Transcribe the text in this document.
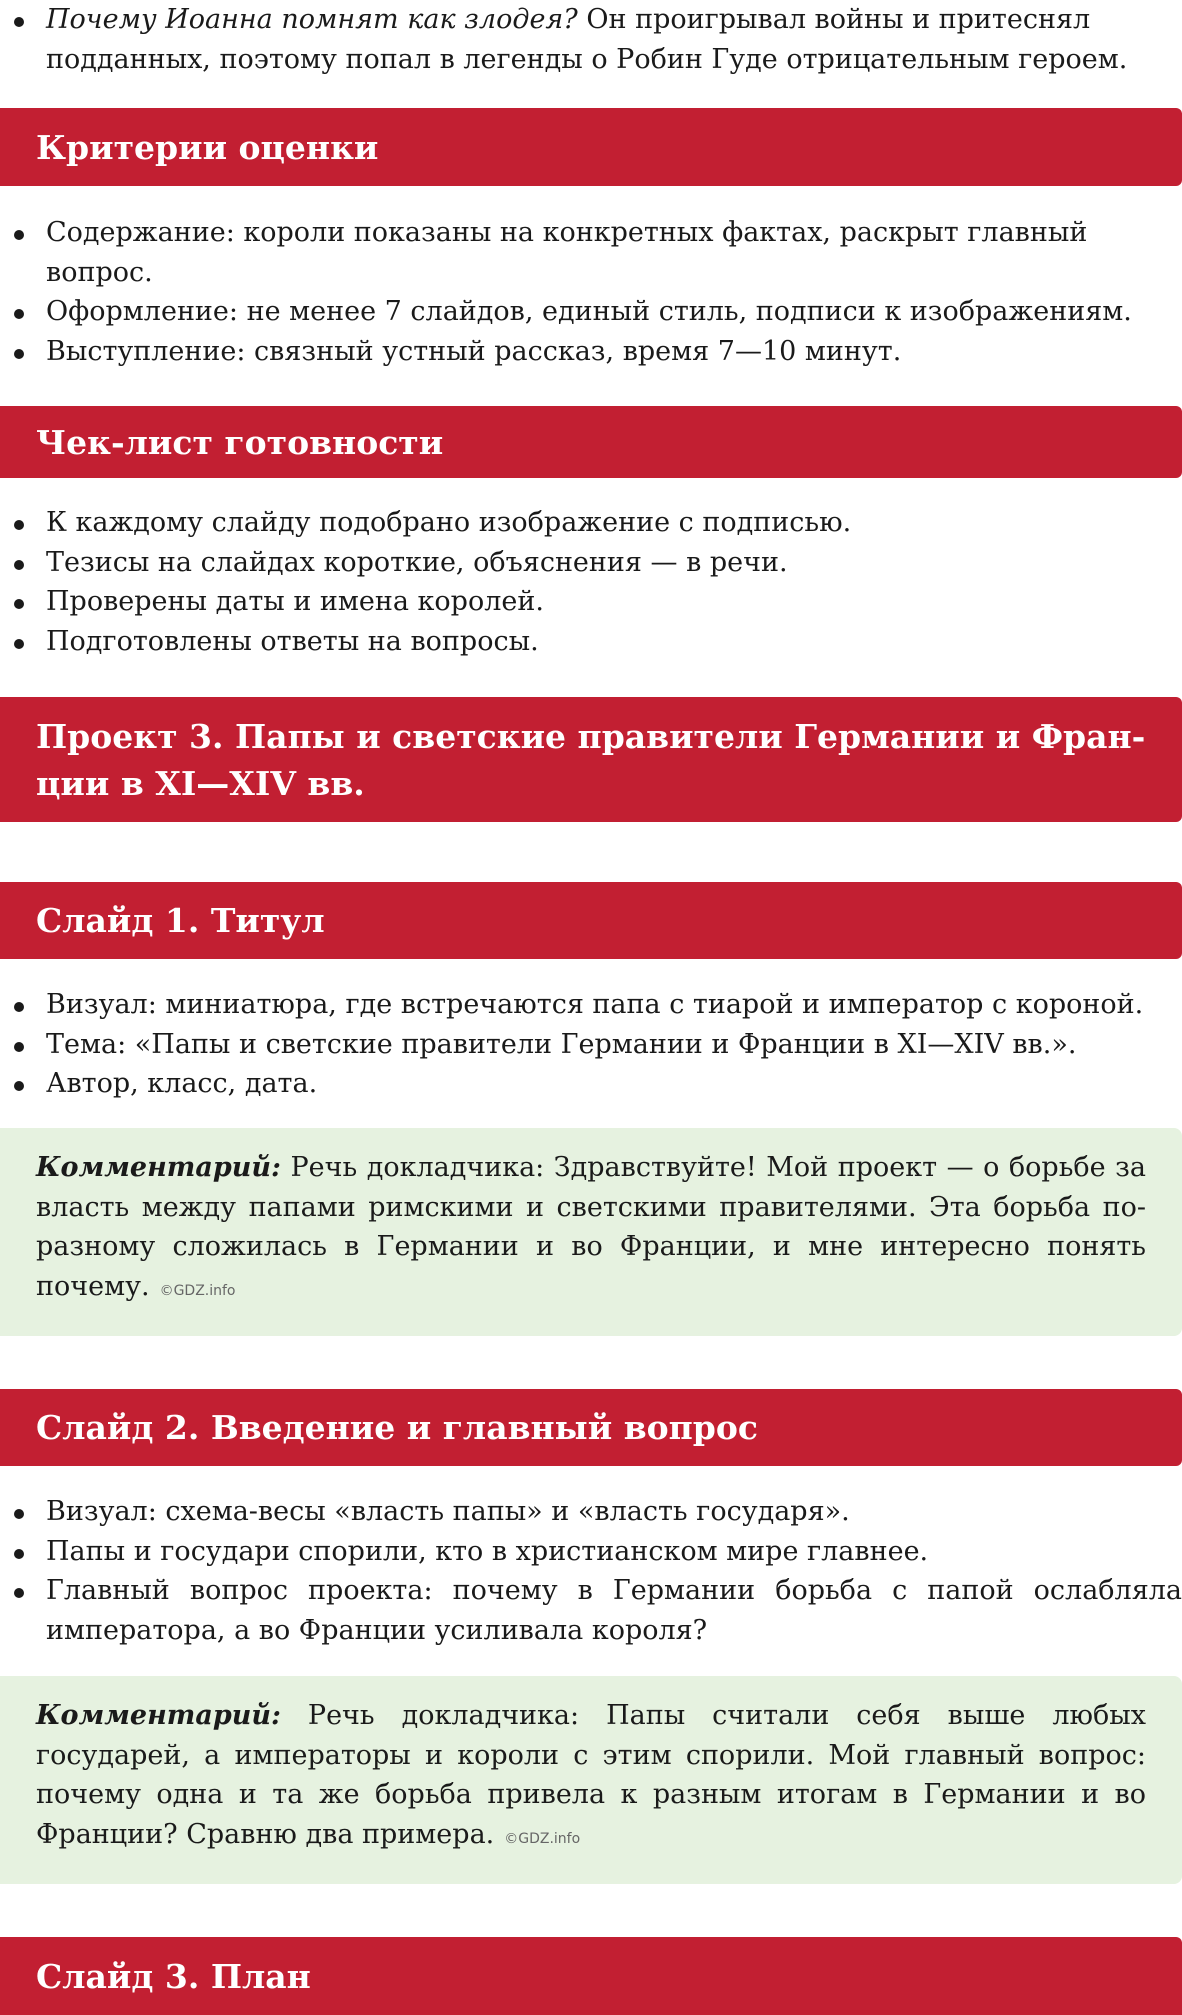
Почему Иоанна помнят как злодея? Он проигрывал войны и притеснял подданных, поэтому попал в легенды о Робин Гуде отрицательным героем.
Критерии оценки
Содержание: короли показаны на конкретных фактах, раскрыт главный вопрос.
Оформление: не менее 7 слайдов, единый стиль, подписи к изображениям.
Выступление: связный устный рассказ, время 7—10 минут.
Чек-лист готовности
К каждому слайду подобрано изображение с подписью.
Тезисы на слайдах короткие, объяснения — в речи.
Проверены даты и имена королей.
Подготовлены ответы на вопросы.
Проект 3. Папы и светские правители Германии и Фран-
ции в XI—XIV вв.
Слайд 1. Титул
Визуал: миниатюра, где встречаются папа с тиарой и император с короной.
Тема: «Папы и светские правители Германии и Франции в XI—XIV вв.».
Автор, класс, дата.
Комментарий: Речь докладчика: Здравствуйте! Мой проект — о борьбе за власть между папами римскими и светскими правителями. Эта борьба по-разному сложилась в Германии и во Франции, и мне интересно понять почему. ©GDZ.info
Слайд 2. Введение и главный вопрос
Визуал: схема-весы «власть папы» и «власть государя».
Папы и государи спорили, кто в христианском мире главнее.
Главный вопрос проекта: почему в Германии борьба с папой ослабляла императора, а во Франции усиливала короля?
Комментарий: Речь докладчика: Папы считали себя выше любых государей, а императоры и короли с этим спорили. Мой главный вопрос: почему одна и та же борьба привела к разным итогам в Германии и во Франции? Сравню два примера. ©GDZ.info
Слайд 3. План
